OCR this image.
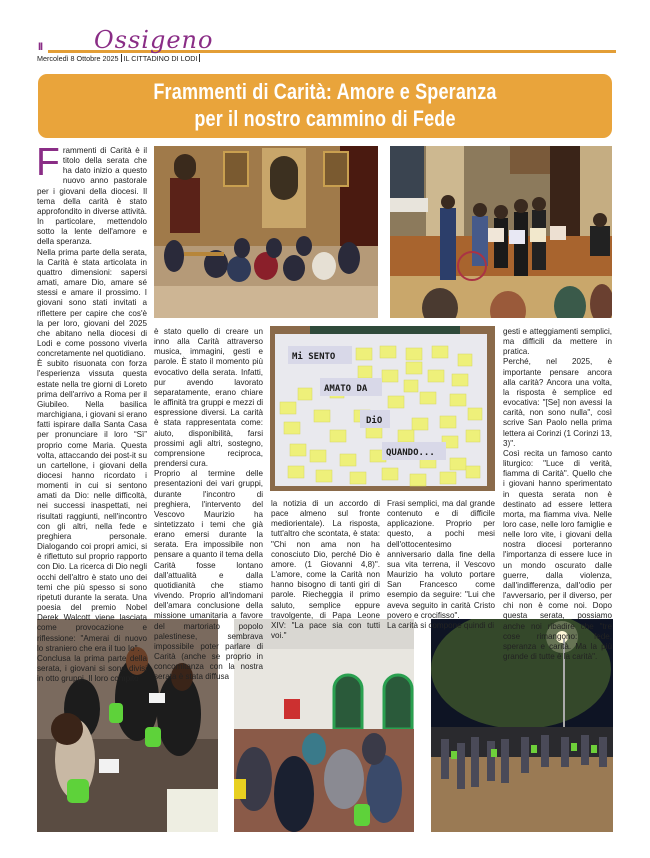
II Ossigeno
Mercoledì 8 Ottobre 2025 IL CITTADINO DI LODI
Frammenti di Carità: Amore e Speranza
per il nostro cammino di Fede
Mi SENTO
AMATO DA
DiO
QUANDO...

Frammenti di Carità è il titolo della serata che ha dato inizio a questo nuovo anno pastorale per i giovani della diocesi. Il tema della carità è stato approfondito in diverse attività. In particolare, mettendolo sotto la lente dell'amore e della speranza.

Nella prima parte della serata, la Carità è stata articolata in quattro dimensioni: sapersi amati, amare Dio, amare sé stessi e amare il prossimo. I giovani sono stati invitati a riflettere per capire che cos'è la per loro, giovani del 2025 che abitano nella diocesi di Lodi e come possono viverla concretamente nel quotidiano.

È subito risuonata con forza l'esperienza vissuta questa estate nella tre giorni di Loreto prima dell'arrivo a Roma per il Giubileo. Nella basilica marchigiana, i giovani si erano fatti ispirare dalla Santa Casa per pronunciare il loro “Sì” proprio come Maria. Questa volta, attaccando dei post-it su un cartellone, i giovani della diocesi hanno ricordato i momenti in cui si sentono amati da Dio: nelle difficoltà, nei successi inaspettati, nei risultati raggiunti, nell'incontro con gli altri, nella fede e preghiera personale. Dialogando coi propri amici, si è riflettuto sul proprio rapporto con Dio. La ricerca di Dio negli occhi dell'altro è stato uno dei temi che più spesso si sono ripetuti durante la serata. Una poesia del premio Nobel Derek Walcott viene lasciata come provocazione e riflessione: "Amerai di nuovo lo straniero che era il tuo Io".

Conclusa la prima parte della serata, i giovani si sono divisi in otto gruppi. Il loro compito

è stato quello di creare un inno alla Carità attraverso musica, immagini, gesti e parole. È stato il momento più evocativo della serata. Infatti, pur avendo lavorato separatamente, erano chiare le affinità tra gruppi e mezzi di espressione diversi. La carità è stata rappresentata come: aiuto, disponibilità, farsi prossimi agli altri, sostegno, comprensione reciproca, prendersi cura.

Proprio al termine delle presentazioni dei vari gruppi, durante l'incontro di preghiera, l'intervento del Vescovo Maurizio ha sintetizzato i temi che già erano emersi durante la serata. Era impossibile non pensare a quanto il tema della Carità fosse lontano dall'attualità e dalla quotidianità che stiamo vivendo. Proprio all'indomani dell'amara conclusione della missione umanitaria a favore del martoriato popolo palestinese, sembrava impossibile poter parlare di Carità (anche se proprio in concomitanza con la nostra serata è stata diffusa

la notizia di un accordo di pace almeno sul fronte mediorientale). La risposta, tutt'altro che scontata, è stata: "Chi non ama non ha conosciuto Dio, perché Dio è amore. (1 Giovanni 4,8)". L'amore, come la Carità non hanno bisogno di tanti giri di parole. Riecheggia il primo saluto, semplice eppure travolgente, di Papa Leone XIV: "La pace sia con tutti voi."

Frasi semplici, ma dal grande contenuto e di difficile applicazione. Proprio per questo, a pochi mesi dell'ottocentesimo anniversario dalla fine della sua vita terrena, il Vescovo Maurizio ha voluto portare San Francesco come esempio da seguire: "Lui che aveva seguito in carità Cristo povero e crocifisso".

La carità si compone quindi di

gesti e atteggiamenti semplici, ma difficili da mettere in pratica.

Perché, nel 2025, è importante pensare ancora alla carità? Ancora una volta, la risposta è semplice ed evocativa: "[Se] non avessi la carità, non sono nulla", così scrive San Paolo nella prima lettera ai Corinzi (1 Corinzi 13, 3)".

Così recita un famoso canto liturgico: "Luce di verità, fiamma di Carità". Quello che i giovani hanno sperimentato in questa serata non è destinato ad essere lettera morta, ma fiamma viva. Nelle loro case, nelle loro famiglie e nelle loro vite, i giovani della nostra diocesi porteranno l'importanza di essere luce in un mondo oscurato dalle guerre, dalla violenza, dall'indifferenza, dall'odio per l'avversario, per il diverso, per chi non è come noi. Dopo questa serata, possiamo anche noi ribadire che "tre cose rimangono: fede, speranza e carità. Ma la più grande di tutte è la carità".
